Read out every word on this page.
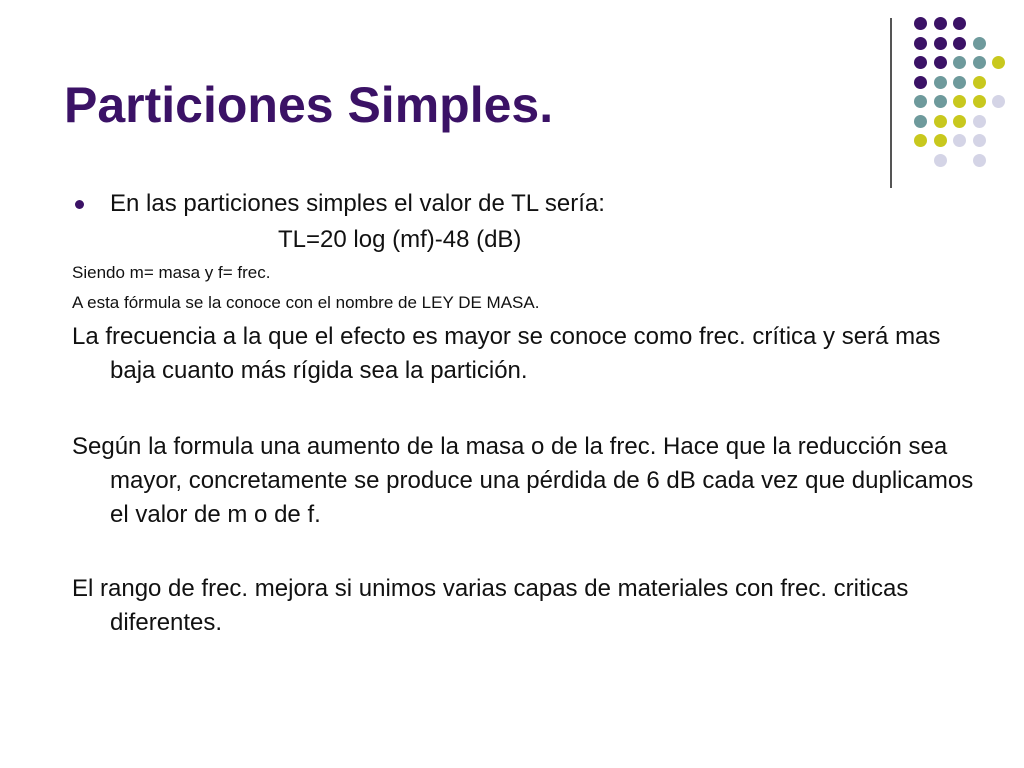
Particiones Simples.
En las particiones simples el valor de TL sería:
TL=20 log (mf)-48 (dB)
Siendo m= masa y f= frec.
A esta fórmula se la conoce con el nombre de LEY DE MASA.

La frecuencia a la que el efecto es mayor se conoce como frec. crítica y será mas baja cuanto más rígida sea la partición.

Según la formula una aumento de la masa o de la frec. Hace que la reducción sea mayor, concretamente se produce una pérdida de 6 dB cada vez que duplicamos el valor de m o de f.

El rango de frec. mejora si unimos varias capas de materiales con frec. criticas diferentes.
